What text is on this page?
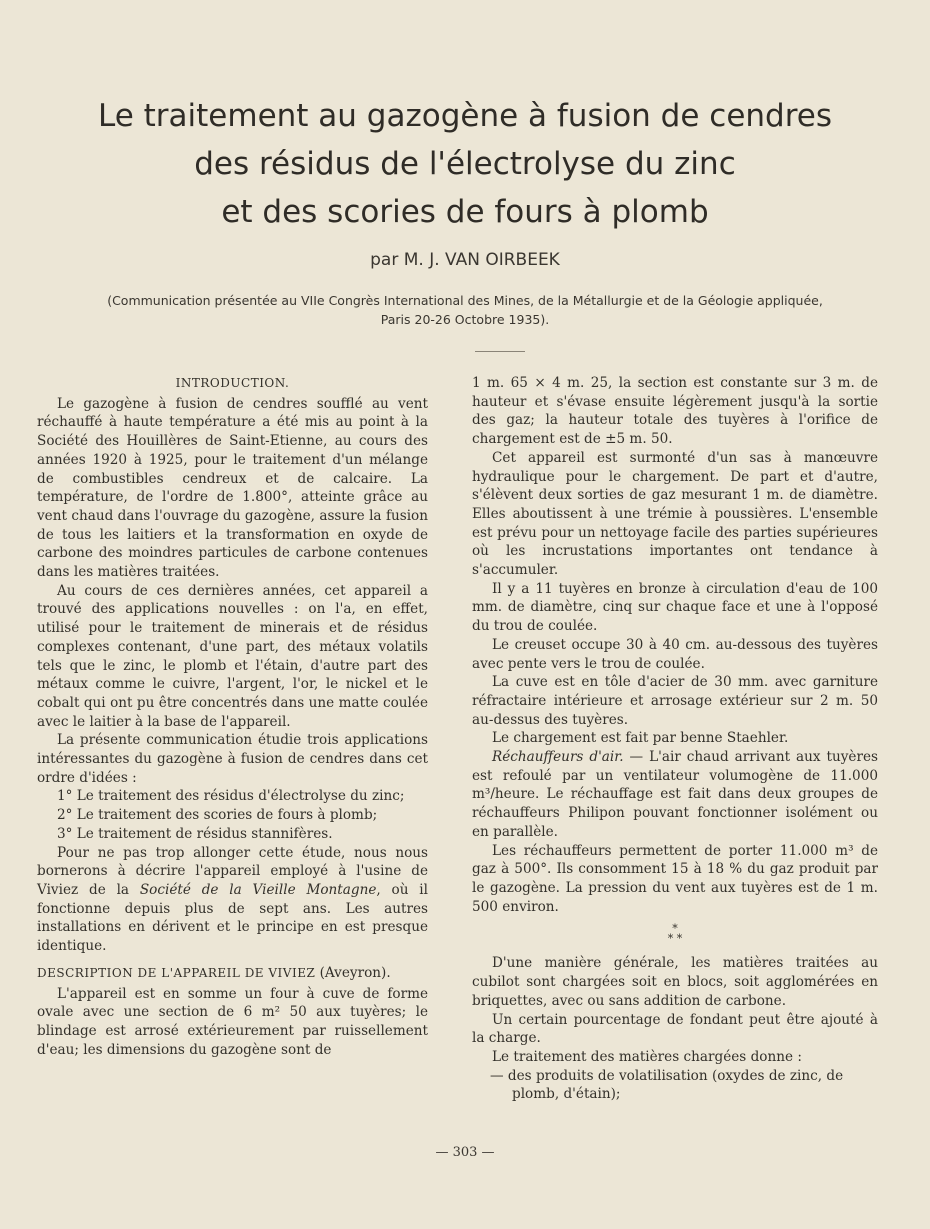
Le traitement au gazogène à fusion de cendres
des résidus de l'électrolyse du zinc
et des scories de fours à plomb
par M. J. VAN OIRBEEK
(Communication présentée au VIIe Congrès International des Mines, de la Métallurgie et de la Géologie appliquée,
Paris 20-26 Octobre 1935).

INTRODUCTION.

Le gazogène à fusion de cendres soufflé au vent réchauffé à haute température a été mis au point à la Société des Houillères de Saint-Etienne, au cours des années 1920 à 1925, pour le traitement d'un mélange de combustibles cendreux et de calcaire. La température, de l'ordre de 1.800°, atteinte grâce au vent chaud dans l'ouvrage du gazogène, assure la fusion de tous les laitiers et la transformation en oxyde de carbone des moindres particules de carbone contenues dans les matières traitées.

Au cours de ces dernières années, cet appareil a trouvé des applications nouvelles : on l'a, en effet, utilisé pour le traitement de minerais et de résidus complexes contenant, d'une part, des métaux volatils tels que le zinc, le plomb et l'étain, d'autre part des métaux comme le cuivre, l'argent, l'or, le nickel et le cobalt qui ont pu être concentrés dans une matte coulée avec le laitier à la base de l'appareil.

La présente communication étudie trois applications intéressantes du gazogène à fusion de cendres dans cet ordre d'idées :

1° Le traitement des résidus d'électrolyse du zinc;

2° Le traitement des scories de fours à plomb;

3° Le traitement de résidus stannifères.

Pour ne pas trop allonger cette étude, nous nous bornerons à décrire l'appareil employé à l'usine de Viviez de la Société de la Vieille Montagne, où il fonctionne depuis plus de sept ans. Les autres installations en dérivent et le principe en est presque identique.

DESCRIPTION DE L'APPAREIL DE VIVIEZ (Aveyron).

L'appareil est en somme un four à cuve de forme ovale avec une section de 6 m² 50 aux tuyères; le blindage est arrosé extérieurement par ruissellement d'eau; les dimensions du gazogène sont de

1 m. 65 × 4 m. 25, la section est constante sur 3 m. de hauteur et s'évase ensuite légèrement jusqu'à la sortie des gaz; la hauteur totale des tuyères à l'orifice de chargement est de ±5 m. 50.

Cet appareil est surmonté d'un sas à manœuvre hydraulique pour le chargement. De part et d'autre, s'élèvent deux sorties de gaz mesurant 1 m. de diamètre. Elles aboutissent à une trémie à poussières. L'ensemble est prévu pour un nettoyage facile des parties supérieures où les incrustations importantes ont tendance à s'accumuler.

Il y a 11 tuyères en bronze à circulation d'eau de 100 mm. de diamètre, cinq sur chaque face et une à l'opposé du trou de coulée.

Le creuset occupe 30 à 40 cm. au-dessous des tuyères avec pente vers le trou de coulée.

La cuve est en tôle d'acier de 30 mm. avec garniture réfractaire intérieure et arrosage extérieur sur 2 m. 50 au-dessus des tuyères.

Le chargement est fait par benne Staehler.

Réchauffeurs d'air. — L'air chaud arrivant aux tuyères est refoulé par un ventilateur volumogène de 11.000 m³/heure. Le réchauffage est fait dans deux groupes de réchauffeurs Philipon pouvant fonctionner isolément ou en parallèle.

Les réchauffeurs permettent de porter 11.000 m³ de gaz à 500°. Ils consomment 15 à 18 % du gaz produit par le gazogène. La pression du vent aux tuyères est de 1 m. 500 environ.

*
* *

D'une manière générale, les matières traitées au cubilot sont chargées soit en blocs, soit agglomérées en briquettes, avec ou sans addition de carbone.

Un certain pourcentage de fondant peut être ajouté à la charge.

Le traitement des matières chargées donne :

— des produits de volatilisation (oxydes de zinc, de plomb, d'étain);

— 303 —
